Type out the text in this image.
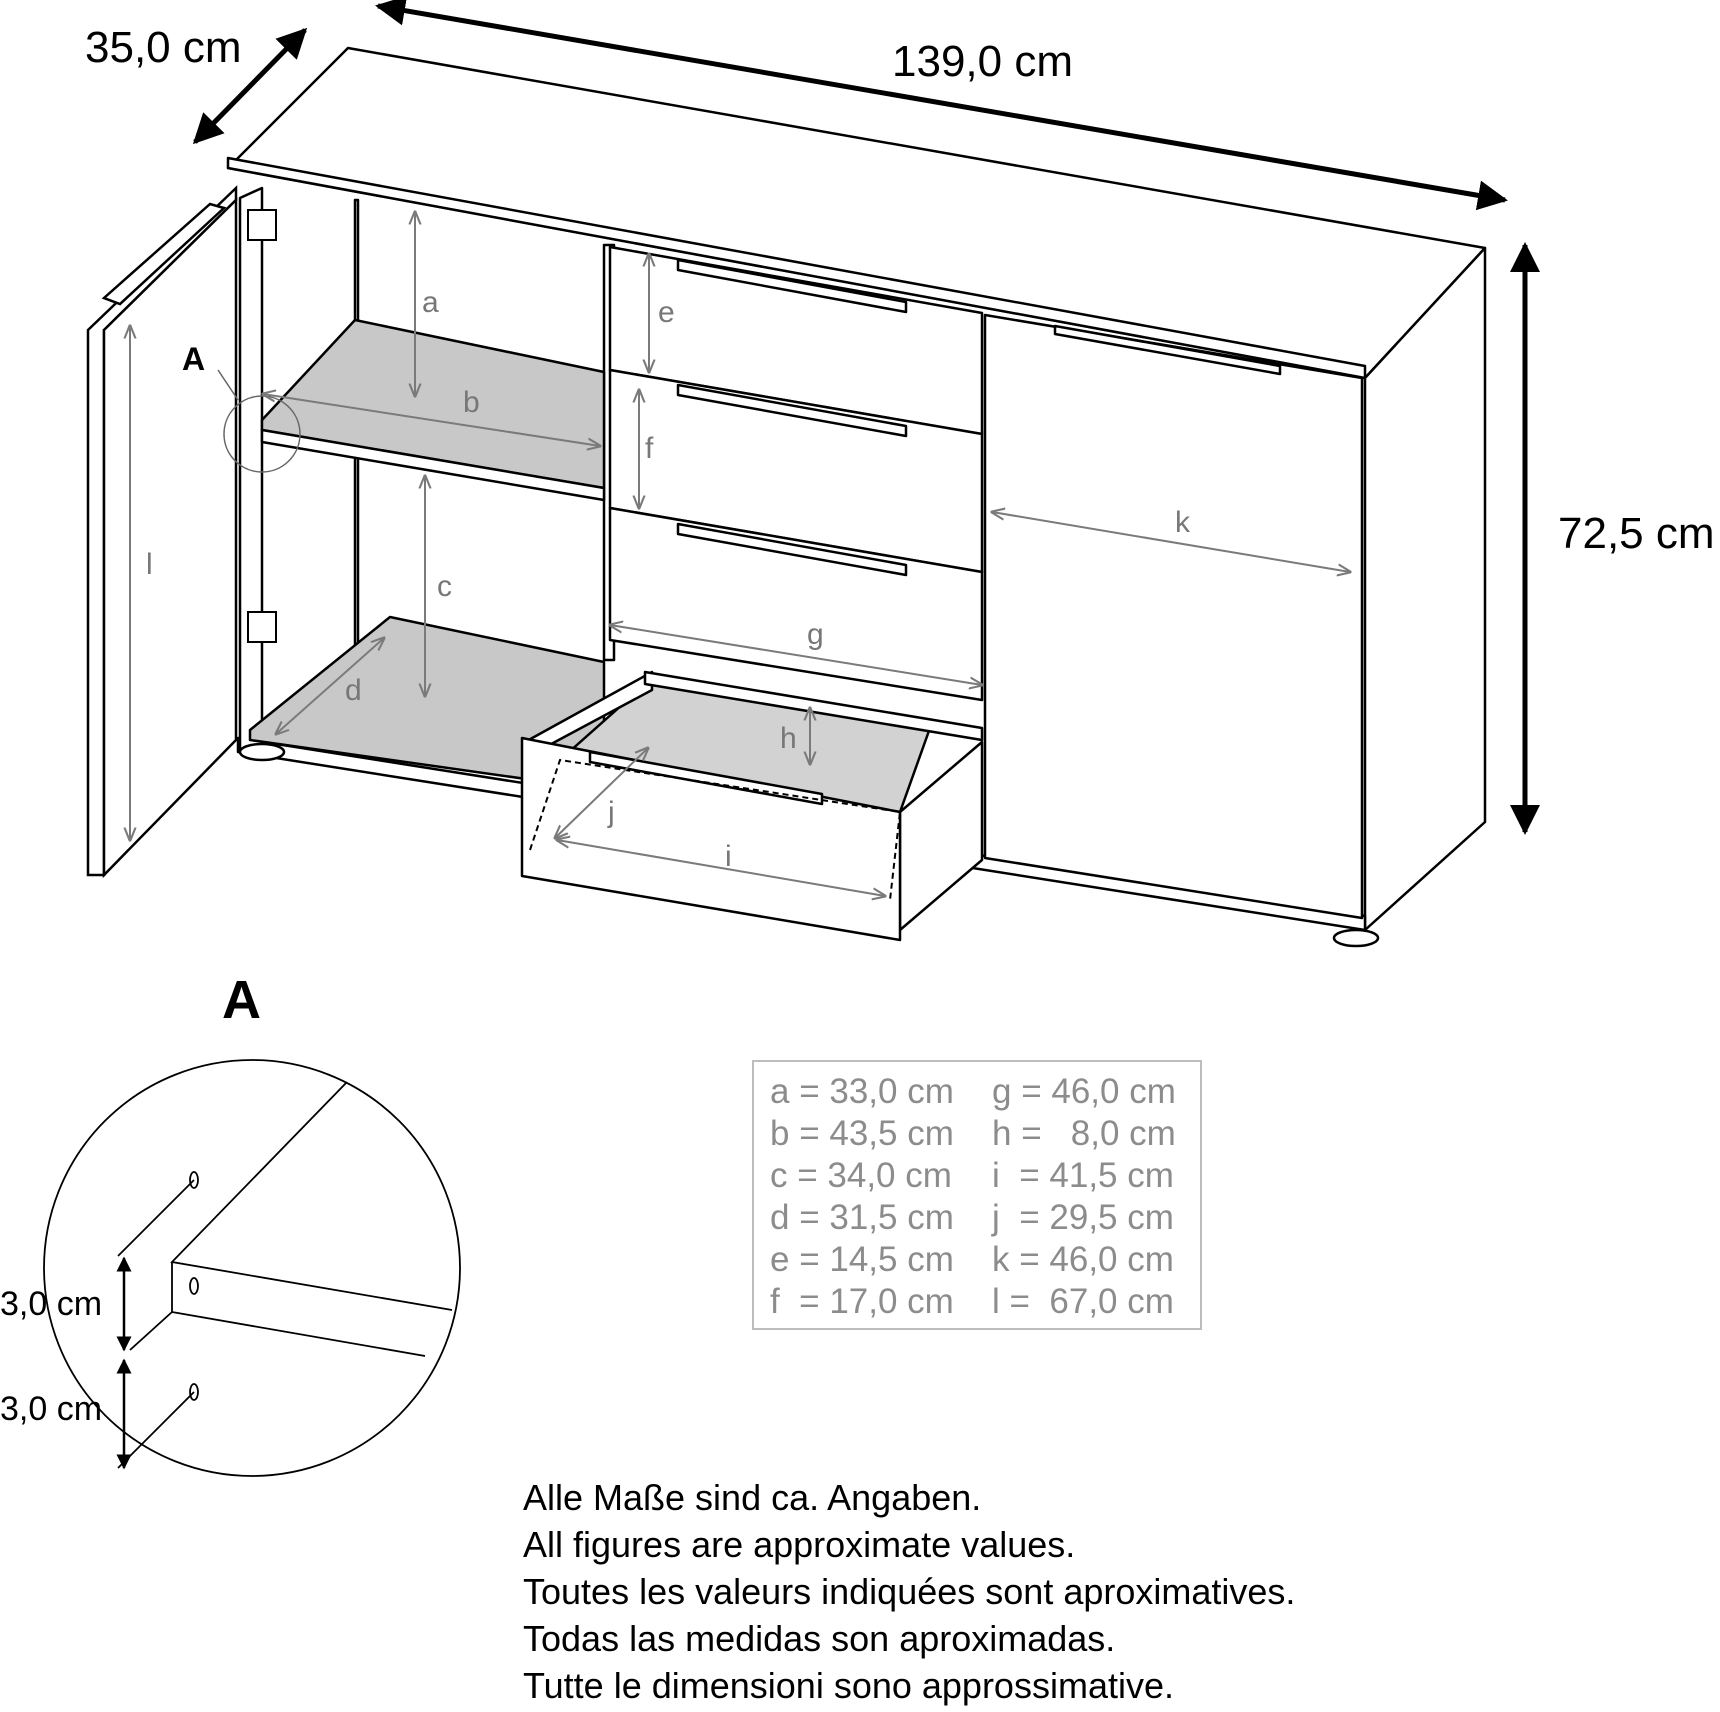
a
b
c
d
e
f
g
h
i
j
k
l
35,0 cm	139,0 cm
72,5 cm
A
A
3,0 cm
3,0 cm
a = 33,0 cm	g = 46,0 cm
b = 43,5 cm	h =   8,0 cm
c = 34,0 cm	i  = 41,5 cm
d = 31,5 cm	j  = 29,5 cm
e = 14,5 cm	k = 46,0 cm
f  = 17,0 cm	l =  67,0 cm
Alle Maße sind ca. Angaben.
All figures are approximate values.
Toutes les valeurs indiquées sont aproximatives.
Todas las medidas son aproximadas.
Tutte le dimensioni sono approssimative.
